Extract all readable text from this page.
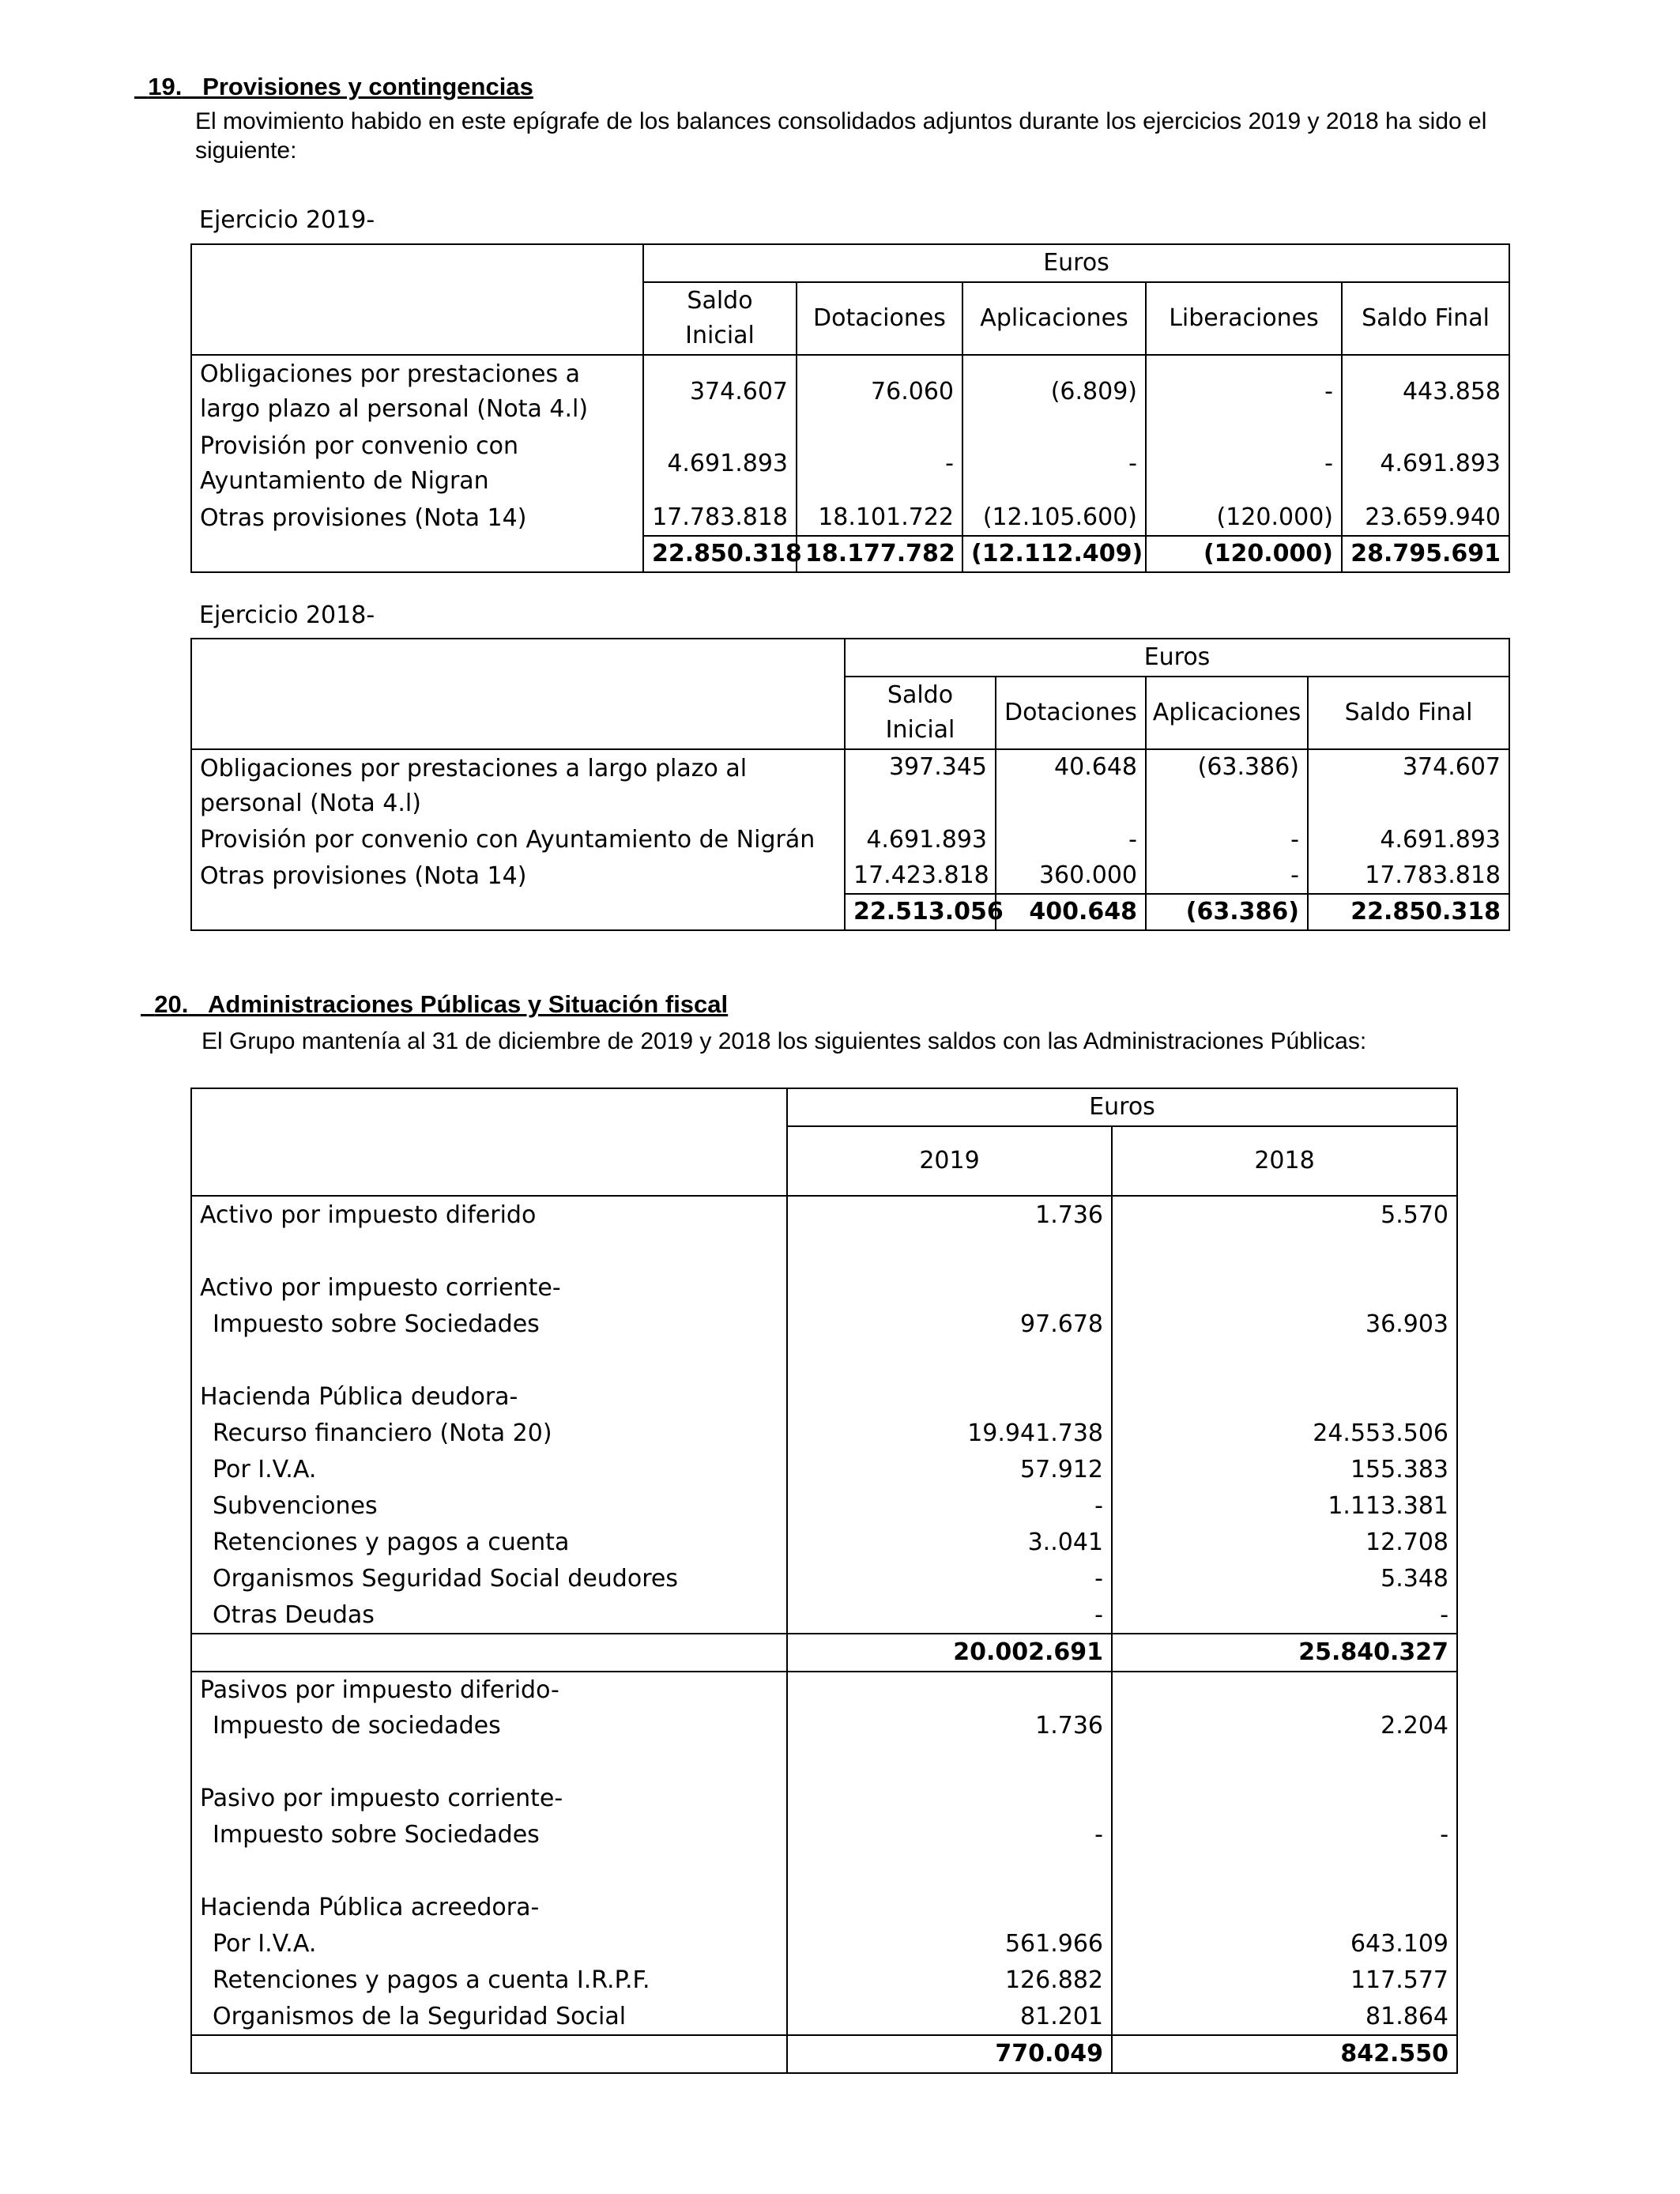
19. Provisiones y contingencias

El movimiento habido en este epígrafe de los balances consolidados adjuntos durante los ejercicios 2019 y 2018 ha sido el siguiente:
Ejercicio 2019-
	Euros				
	Saldo Inicial	Dotaciones	Aplicaciones	Liberaciones	Saldo Final
Obligaciones por prestaciones a largo plazo al personal (Nota 4.l)	374.607	76.060	(6.809)	-	443.858
Provisión por convenio con Ayuntamiento de Nigran	4.691.893	-	-	-	4.691.893
Otras provisiones (Nota 14)	17.783.818	18.101.722	(12.105.600)	(120.000)	23.659.940
	22.850.318	18.177.782	(12.112.409)	(120.000)	28.795.691
Ejercicio 2018-
	Euros			
	Saldo Inicial	Dotaciones	Aplicaciones	Saldo Final
Obligaciones por prestaciones a largo plazo al personal (Nota 4.l)	397.345	40.648	(63.386)	374.607
Provisión por convenio con Ayuntamiento de Nigrán	4.691.893	-	-	4.691.893
Otras provisiones (Nota 14)	17.423.818	360.000	-	17.783.818
	22.513.056	400.648	(63.386)	22.850.318

20. Administraciones Públicas y Situación fiscal

El Grupo mantenía al 31 de diciembre de 2019 y 2018 los siguientes saldos con las Administraciones Públicas:
	Euros	
	2019	2018
Activo por impuesto diferido	1.736	5.570

Activo por impuesto corriente-		
Impuesto sobre Sociedades	97.678	36.903

Hacienda Pública deudora-		
Recurso financiero (Nota 20)	19.941.738	24.553.506
Por I.V.A.	57.912	155.383
Subvenciones	-	1.113.381
Retenciones y pagos a cuenta	3..041	12.708
Organismos Seguridad Social deudores	-	5.348
Otras Deudas	-	-
	20.002.691	25.840.327
Pasivos por impuesto diferido-		
Impuesto de sociedades	1.736	2.204

Pasivo por impuesto corriente-		
Impuesto sobre Sociedades	-	-

Hacienda Pública acreedora-		
Por I.V.A.	561.966	643.109
Retenciones y pagos a cuenta I.R.P.F.	126.882	117.577
Organismos de la Seguridad Social	81.201	81.864
	770.049	842.550
